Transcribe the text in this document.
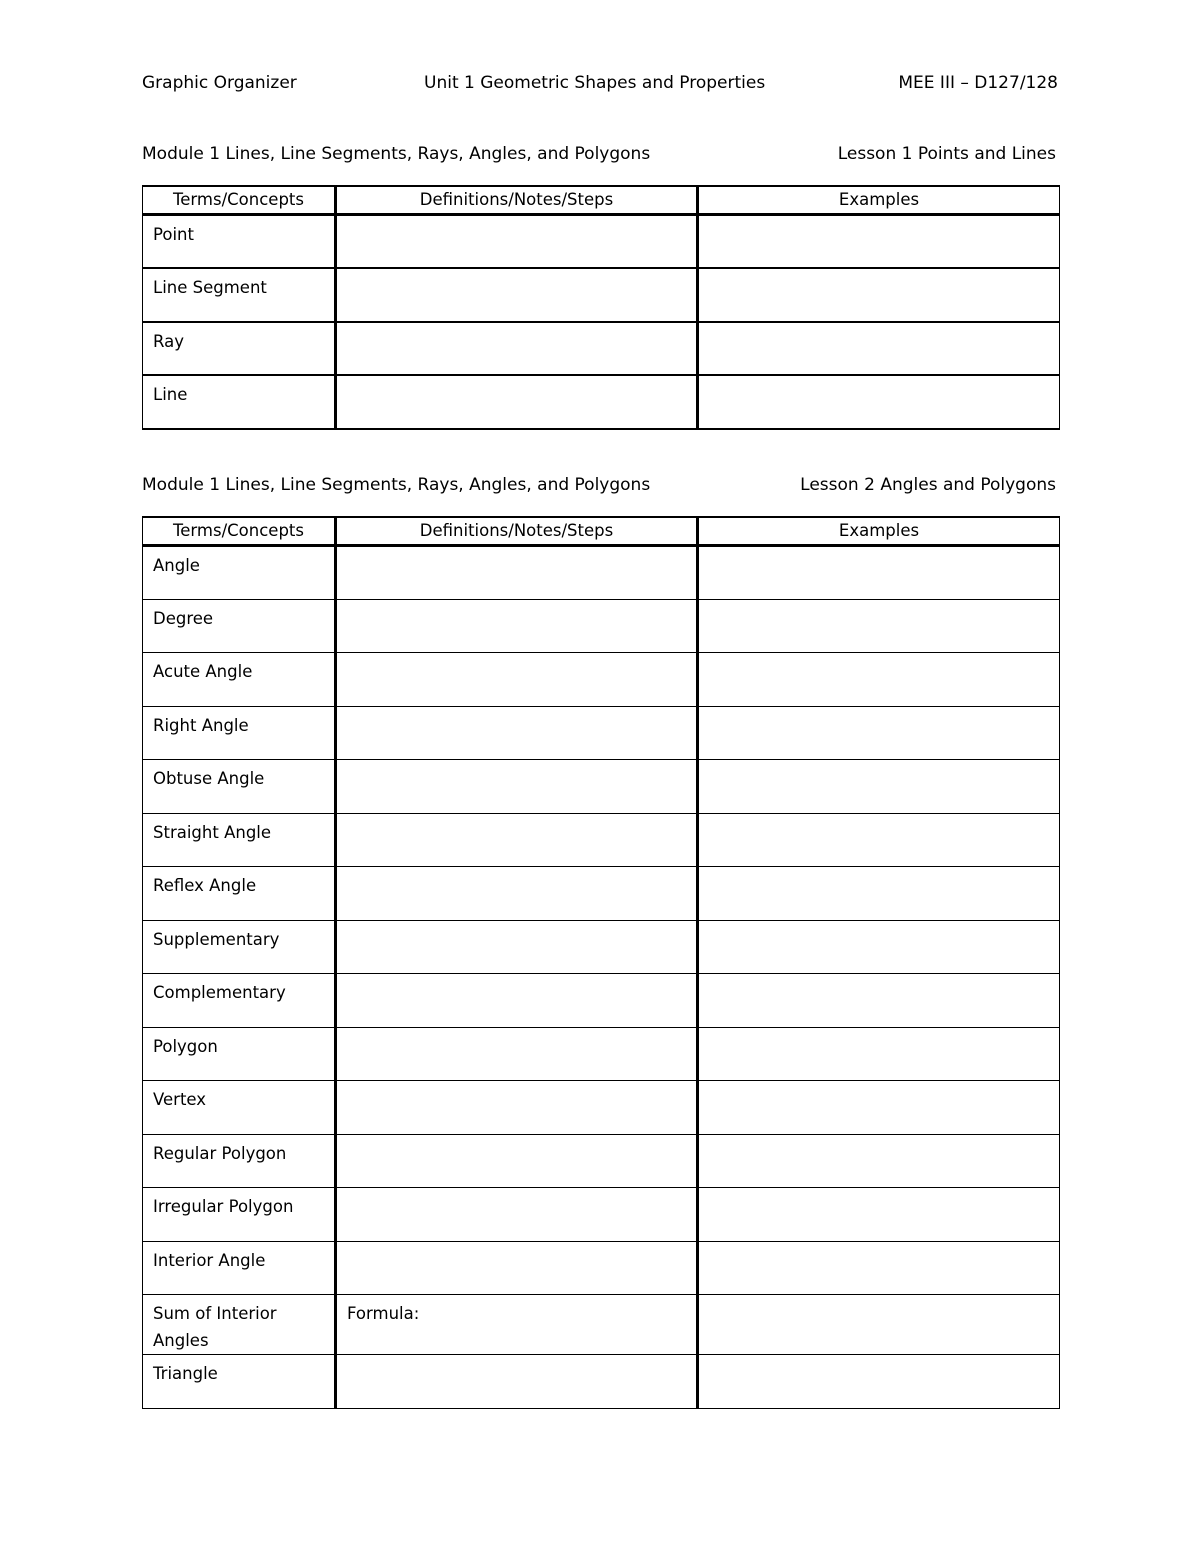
Graphic Organizer	Unit 1 Geometric Shapes and Properties	MEE III – D127/128
Module 1 Lines, Line Segments, Rays, Angles, and Polygons	Lesson 1 Points and Lines
Terms/Concepts	Definitions/Notes/Steps	Examples

Point		

Line Segment		

Ray		

Line		

Module 1 Lines, Line Segments, Rays, Angles, and Polygons	Lesson 2 Angles and Polygons
Terms/Concepts	Definitions/Notes/Steps	Examples

Angle		

Degree		

Acute Angle		

Right Angle		

Obtuse Angle		

Straight Angle		

Reflex Angle		

Supplementary		

Complementary		

Polygon		

Vertex		

Regular Polygon		

Irregular Polygon		

Interior Angle		

Sum of Interior Angles	Formula:	

Triangle		
